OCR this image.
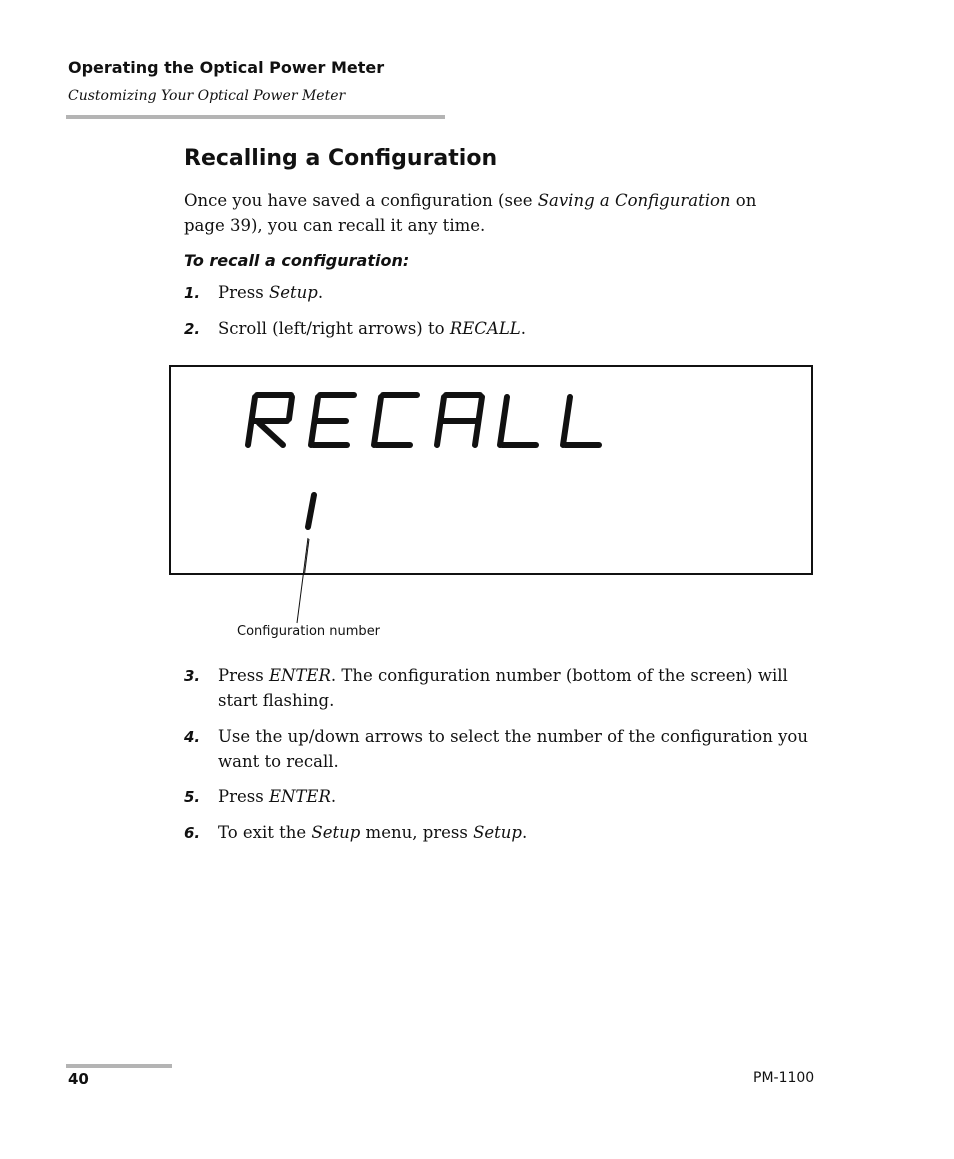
Operating the Optical Power Meter
Customizing Your Optical Power Meter
Recalling a Configuration
Once you have saved a configuration (see Saving a Configuration on
page 39), you can recall it any time.
To recall a configuration:
1.	Press Setup.
2.	Scroll (left/right arrows) to RECALL.
Configuration number
3.	Press ENTER. The configuration number (bottom of the screen) will start flashing.
4.	Use the up/down arrows to select the number of the configuration you want to recall.
5.	Press ENTER.
6.	To exit the Setup menu, press Setup.
40	PM-1100
